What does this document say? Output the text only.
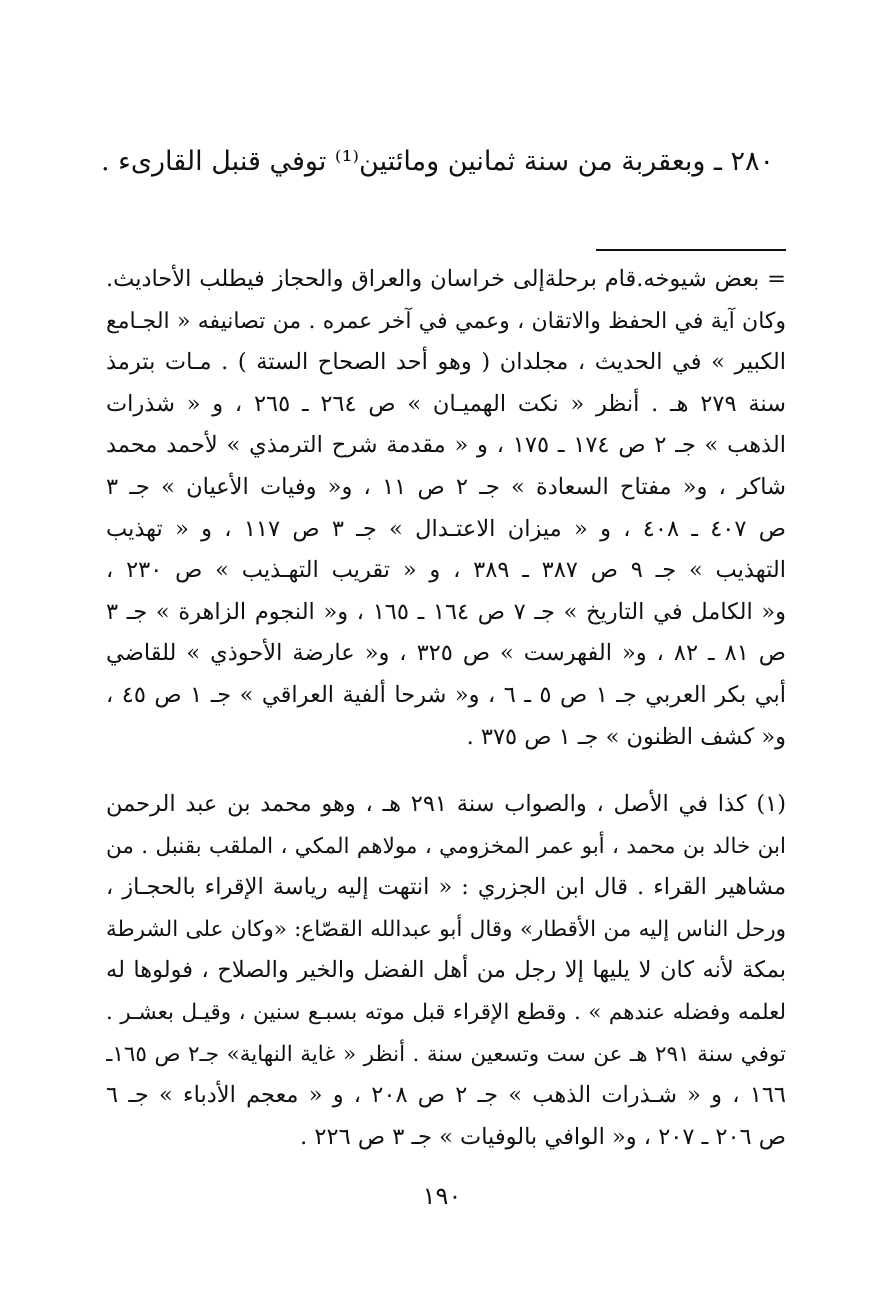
٢٨٠ ـ وبعقربة من سنة ثمانين ومائتين⁽¹⁾ توفي قنبل القارىء .
= بعض شيوخه.قام برحلةإلى خراسان والعراق والحجاز فيطلب الأحاديث.
وكان آية في الحفظ والاتقان ، وعمي في آخر عمره . من تصانيفه « الجـامع
الكبير » في الحديث ، مجلدان ( وهو أحد الصحاح الستة ) . مـات بترمذ
سنة ٢٧٩ هـ . أنظر « نكت الهميـان » ص ٢٦٤ ـ ٢٦٥ ، و « شذرات
الذهب » جـ ٢ ص ١٧٤ ـ ١٧٥ ، و « مقدمة شرح الترمذي » لأحمد محمد
شاكر ، و« مفتاح السعادة » جـ ٢ ص ١١ ، و« وفيات الأعيان » جـ ٣
ص ٤٠٧ ـ ٤٠٨ ، و « ميزان الاعتـدال » جـ ٣ ص ١١٧ ، و « تهذيب
التهذيب » جـ ٩ ص ٣٨٧ ـ ٣٨٩ ، و « تقريب التهـذيب » ص ٢٣٠ ،
و« الكامل في التاريخ » جـ ٧ ص ١٦٤ ـ ١٦٥ ، و« النجوم الزاهرة » جـ ٣
ص ٨١ ـ ٨٢ ، و« الفهرست » ص ٣٢٥ ، و« عارضة الأحوذي » للقاضي
أبي بكر العربي جـ ١ ص ٥ ـ ٦ ، و« شرحا ألفية العراقي » جـ ١ ص ٤٥ ،
و« كشف الظنون » جـ ١ ص ٣٧٥ .
(١) كذا في الأصل ، والصواب سنة ٢٩١ هـ ، وهو محمد بن عبد الرحمن
ابن خالد بن محمد ، أبو عمر المخزومي ، مولاهم المكي ، الملقب بقنبل . من
مشاهير القراء . قال ابن الجزري : « انتهت إليه رياسة الإقراء بالحجـاز ،
ورحل الناس إليه من الأقطار» وقال أبو عبدالله القصّاع: «وكان على الشرطة
بمكة لأنه كان لا يليها إلا رجل من أهل الفضل والخير والصلاح ، فولوها له
لعلمه وفضله عندهم » . وقطع الإقراء قبل موته بسبـع سنين ، وقيـل بعشـر .
توفي سنة ٢٩١ هـ عن ست وتسعين سنة . أنظر « غاية النهاية» جـ٢ ص ١٦٥ـ
١٦٦ ، و « شـذرات الذهب » جـ ٢ ص ٢٠٨ ، و « معجم الأدباء » جـ ٦
ص ٢٠٦ ـ ٢٠٧ ، و« الوافي بالوفيات » جـ ٣ ص ٢٢٦ .
١٩٠
